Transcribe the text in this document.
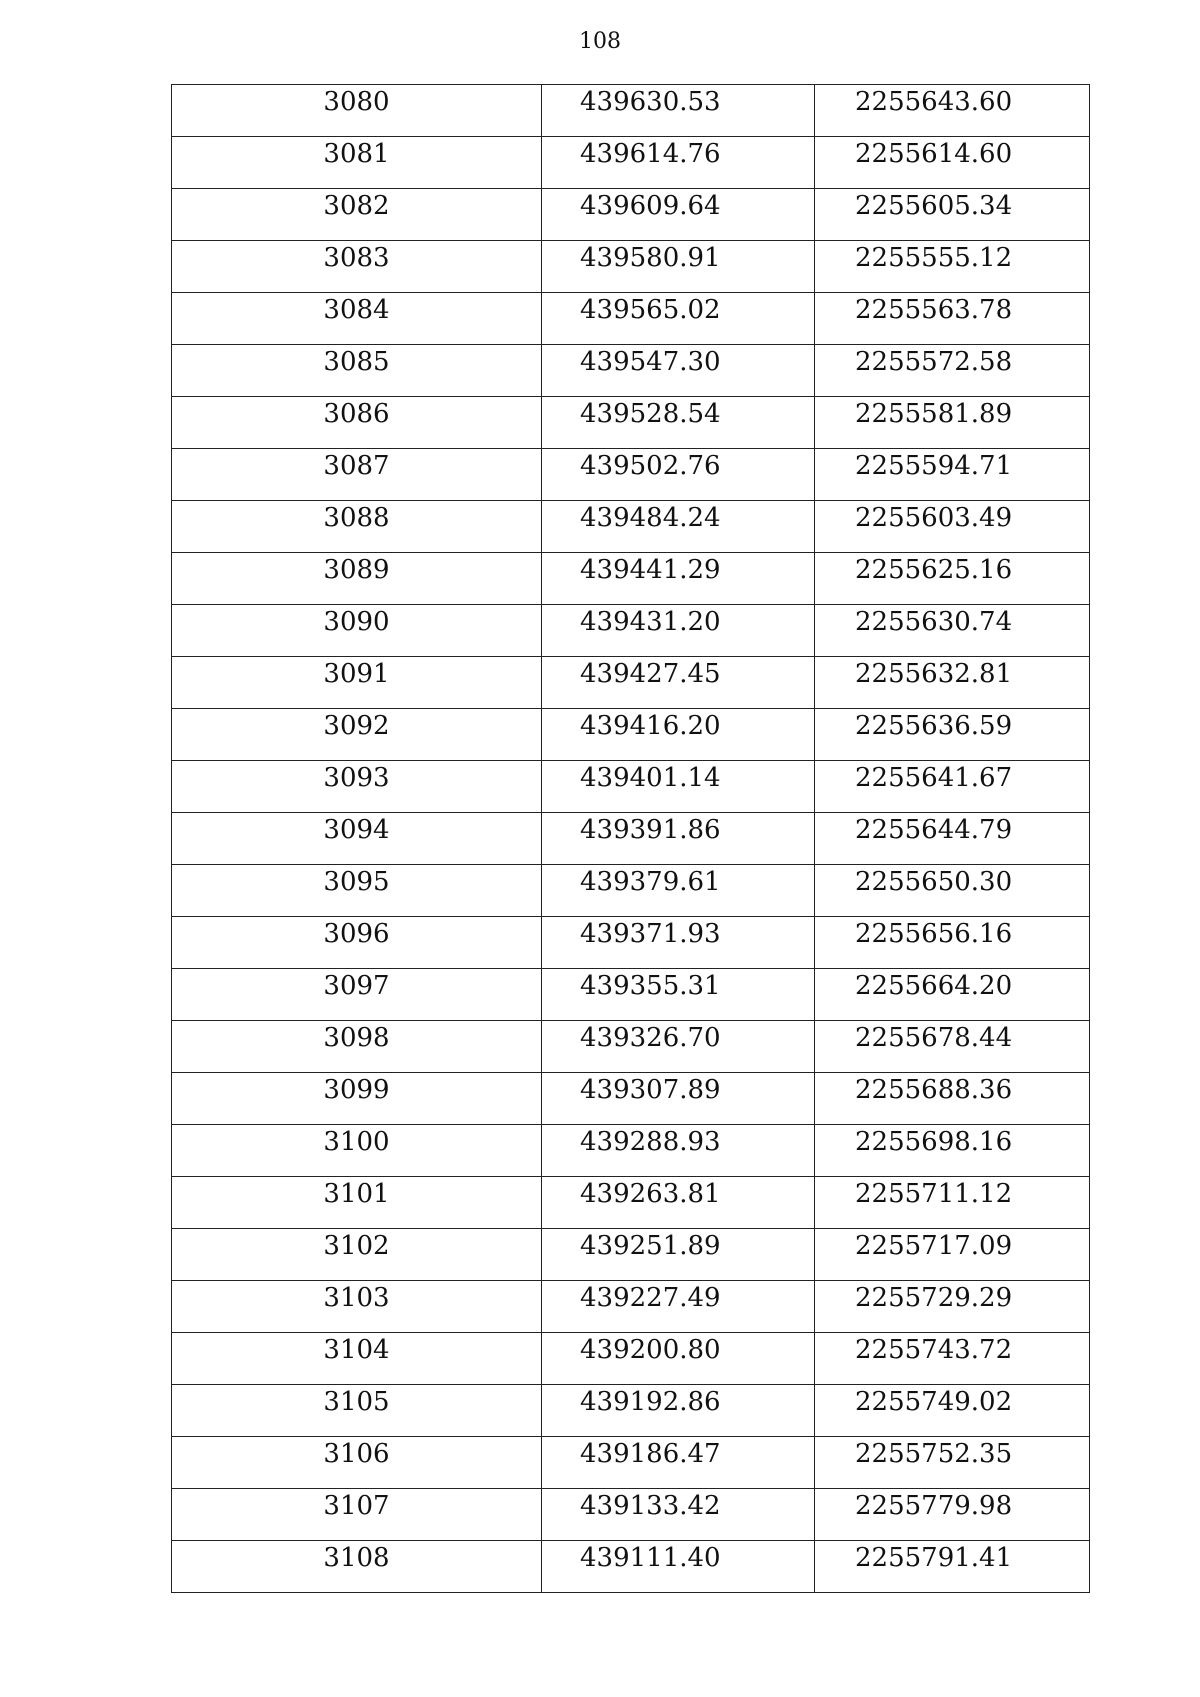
108
3080	439630.53	2255643.60
3081	439614.76	2255614.60
3082	439609.64	2255605.34
3083	439580.91	2255555.12
3084	439565.02	2255563.78
3085	439547.30	2255572.58
3086	439528.54	2255581.89
3087	439502.76	2255594.71
3088	439484.24	2255603.49
3089	439441.29	2255625.16
3090	439431.20	2255630.74
3091	439427.45	2255632.81
3092	439416.20	2255636.59
3093	439401.14	2255641.67
3094	439391.86	2255644.79
3095	439379.61	2255650.30
3096	439371.93	2255656.16
3097	439355.31	2255664.20
3098	439326.70	2255678.44
3099	439307.89	2255688.36
3100	439288.93	2255698.16
3101	439263.81	2255711.12
3102	439251.89	2255717.09
3103	439227.49	2255729.29
3104	439200.80	2255743.72
3105	439192.86	2255749.02
3106	439186.47	2255752.35
3107	439133.42	2255779.98
3108	439111.40	2255791.41
